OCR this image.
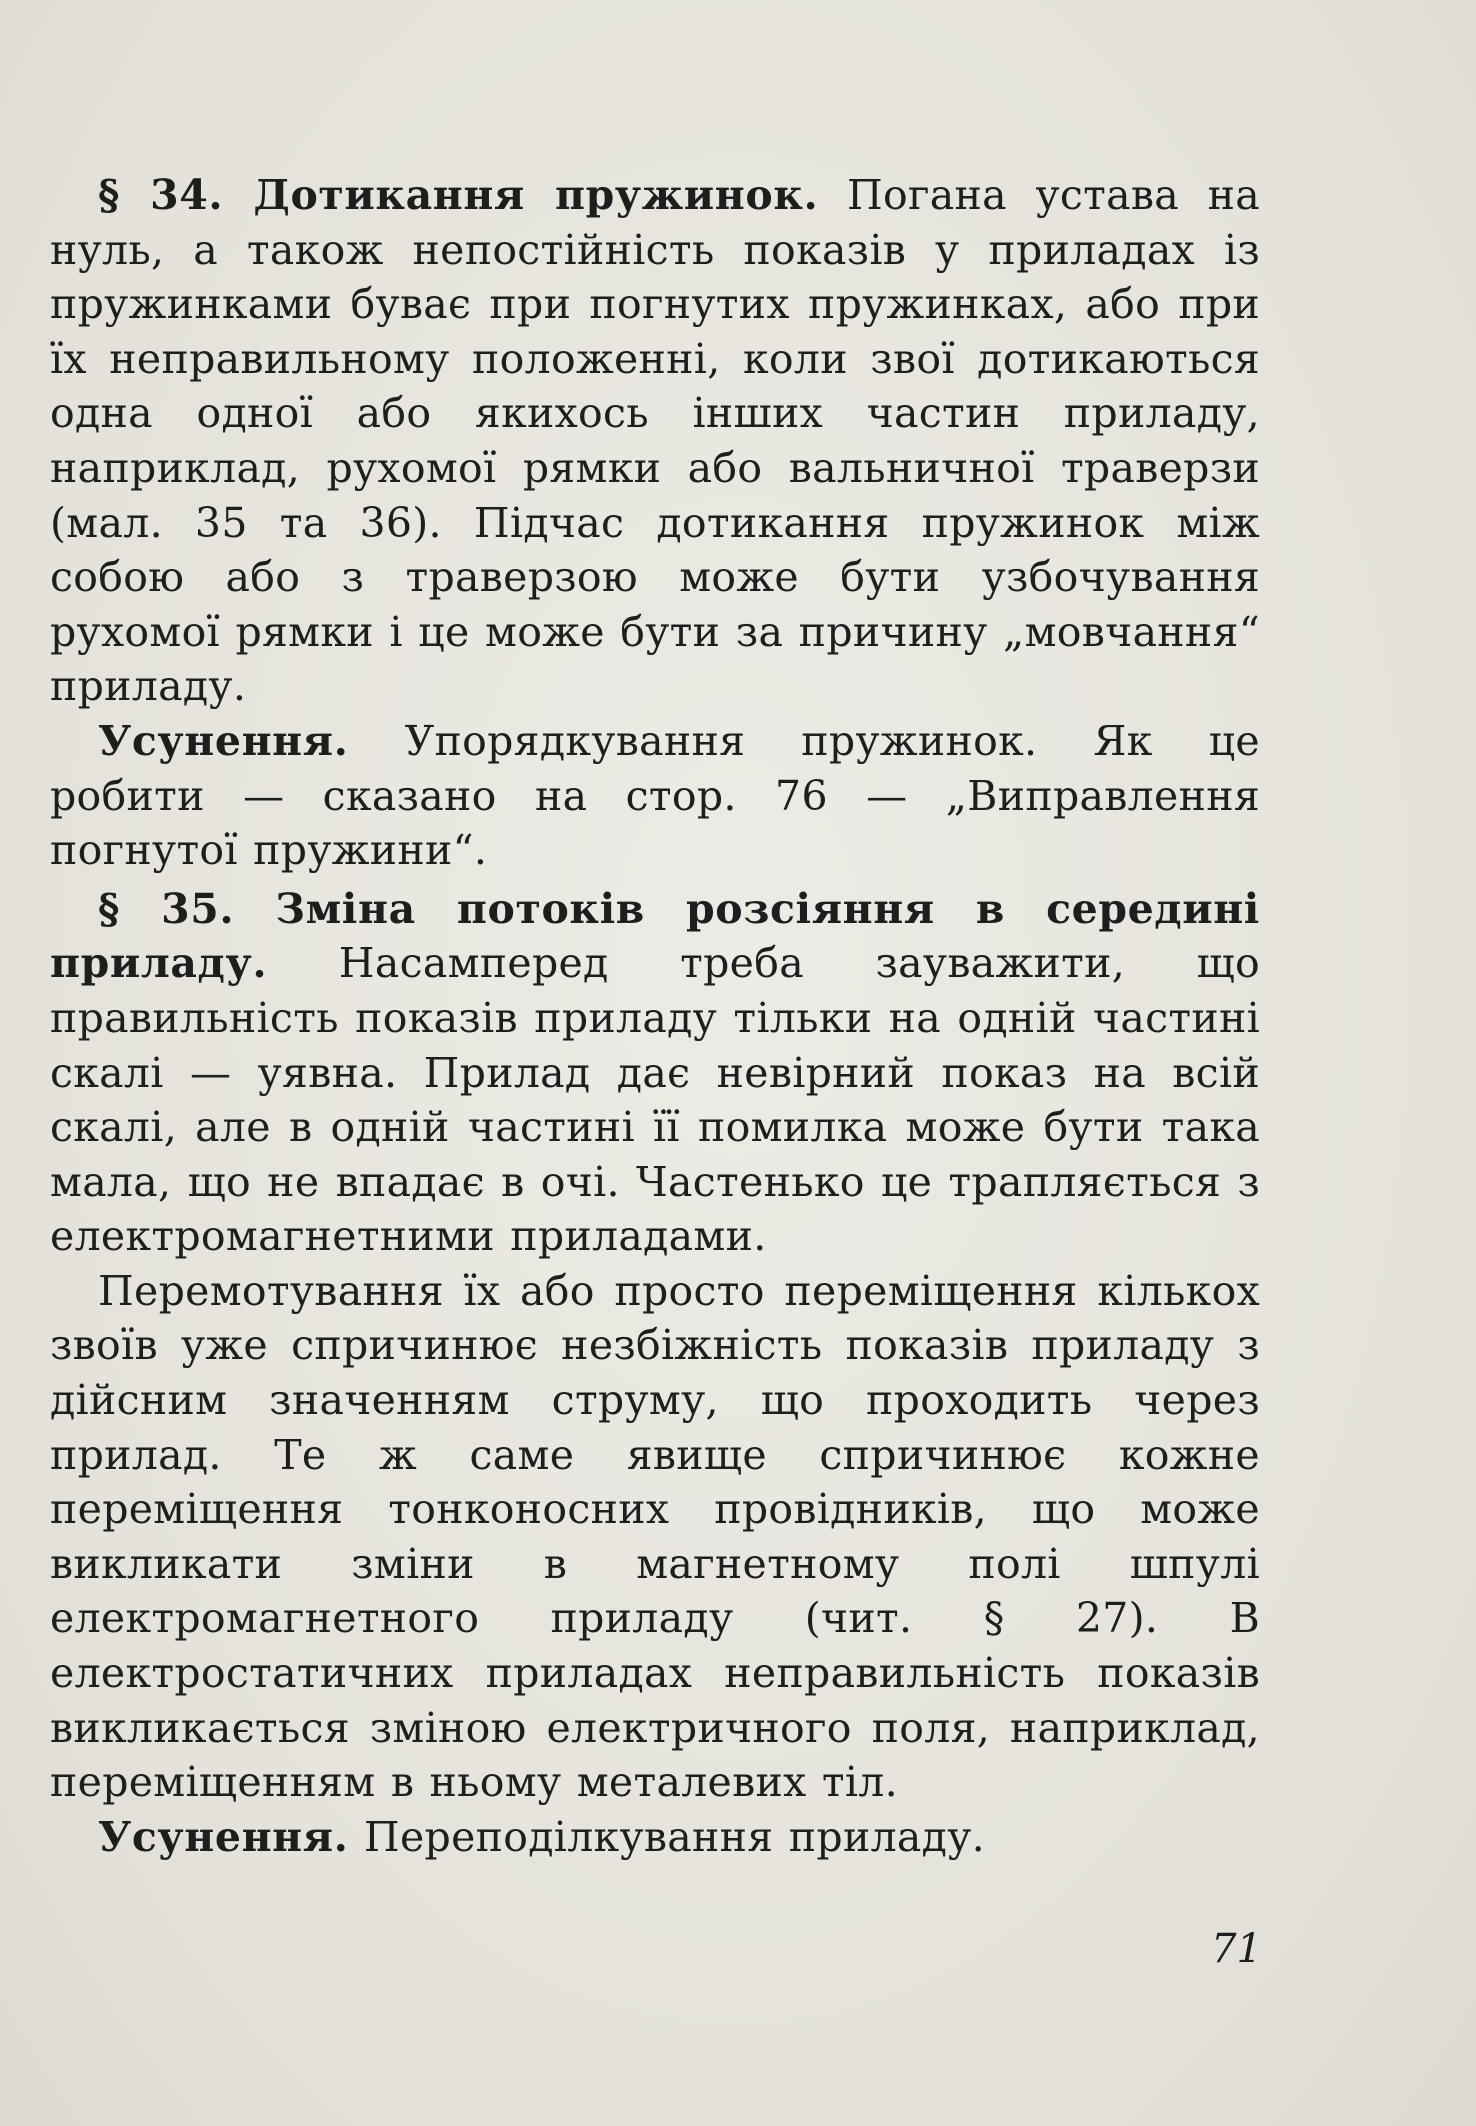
§ 34. Дотикання пружинок. Погана устава на нуль, а також непостійність показів у приладах із пружинками буває при погнутих пружинках, або при їх неправильному положенні, коли звої дотикаються одна одної або якихось інших частин приладу, наприклад, рухомої рямки або вальничної траверзи (мал. 35 та 36). Підчас дотикання пружинок між собою або з траверзою може бути узбочування рухомої рямки і це може бути за причину „мовчання“ приладу.

Усунення. Упорядкування пружинок. Як це робити — сказано на стор. 76 — „Виправлення погнутої пружини“.

§ 35. Зміна потоків розсіяння в середині приладу. Насамперед треба зауважити, що правильність показів приладу тільки на одній частині скалі — уявна. Прилад дає невірний показ на всій скалі, але в одній частині її помилка може бути така мала, що не впадає в очі. Частенько це трапляється з електромагнетними приладами.

Перемотування їх або просто переміщення кількох звоїв уже спричинює незбіжність показів приладу з дійсним значенням струму, що проходить через прилад. Те ж саме явище спричинює кожне переміщення тонконосних провідників, що може викликати зміни в магнетному полі шпулі електромагнетного приладу (чит. § 27). В електростатичних приладах неправильність показів викликається зміною електричного поля, наприклад, переміщенням в ньому металевих тіл.

Усунення. Переподілкування приладу.

71
